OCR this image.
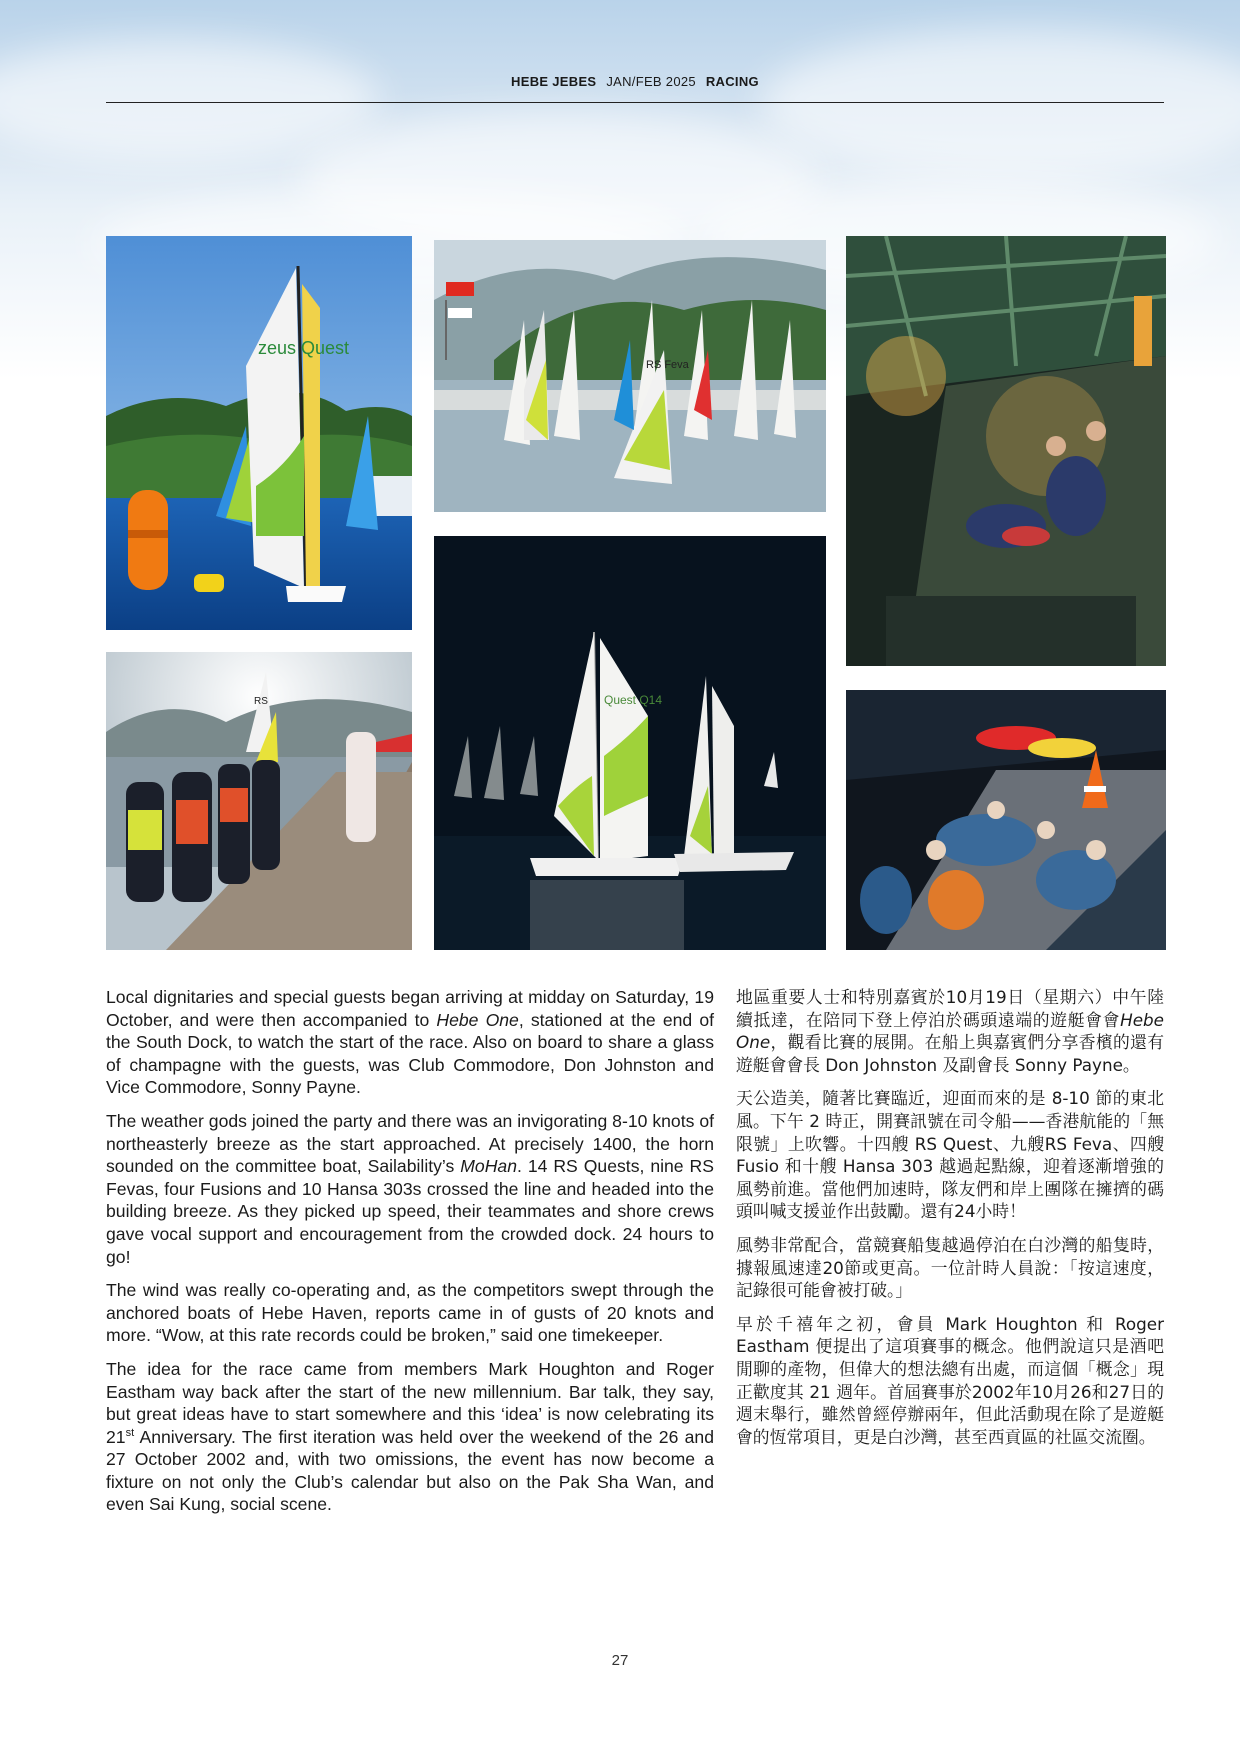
HEBE JEBES JAN/FEB 2025 RACING
zeus Quest
RS Feva
RS	Quest Q14

Local dignitaries and special guests began arriving at midday on Saturday, 19 October, and were then accompanied to Hebe One, stationed at the end of the South Dock, to watch the start of the race. Also on board to share a glass of champagne with the guests, was Club Commodore, Don Johnston and Vice Commodore, Sonny Payne.

The weather gods joined the party and there was an invigorating 8-10 knots of northeasterly breeze as the start approached. At precisely 1400, the horn sounded on the committee boat, Sailability’s MoHan. 14 RS Quests, nine RS Fevas, four Fusions and 10 Hansa 303s crossed the line and headed into the building breeze. As they picked up speed, their teammates and shore crews gave vocal support and encouragement from the crowded dock. 24 hours to go!

The wind was really co-operating and, as the competitors swept through the anchored boats of Hebe Haven, reports came in of gusts of 20 knots and more. “Wow, at this rate records could be broken,” said one timekeeper.

The idea for the race came from members Mark Houghton and Roger Eastham way back after the start of the new millennium. Bar talk, they say, but great ideas have to start somewhere and this ‘idea’ is now celebrating its 21st Anniversary. The first iteration was held over the weekend of the 26 and 27 October 2002 and, with two omissions, the event has now become a fixture on not only the Club’s calendar but also on the Pak Sha Wan, and even Sai Kung, social scene.

地區重要人士和特別嘉賓於10月19日（星期六）中午陸續抵達，在陪同下登上停泊於碼頭遠端的遊艇會會Hebe One，觀看比賽的展開。在船上與嘉賓們分享香檳的還有遊艇會會長 Don Johnston 及副會長 Sonny Payne。

天公造美，隨著比賽臨近，迎面而來的是 8-10 節的東北風。下午 2 時正，開賽訊號在司令船——香港航能的「無限號」上吹響。十四艘 RS Quest、九艘RS Feva、四艘 Fusio 和十艘 Hansa 303 越過起點線，迎着逐漸增強的風勢前進。當他們加速時，隊友們和岸上團隊在擁擠的碼頭叫喊支援並作出鼓勵。還有24小時！

風勢非常配合，當競賽船隻越過停泊在白沙灣的船隻時，據報風速達20節或更高。一位計時人員說：「按這速度，記錄很可能會被打破。」

早於千禧年之初，會員 Mark Houghton 和 Roger Eastham 便提出了這項賽事的概念。他們說這只是酒吧閒聊的產物，但偉大的想法總有出處，而這個「概念」現正歡度其 21 週年。首屆賽事於2002年10月26和27日的週末舉行，雖然曾經停辦兩年，但此活動現在除了是遊艇會的恆常項目，更是白沙灣，甚至西貢區的社區交流圈。

27
